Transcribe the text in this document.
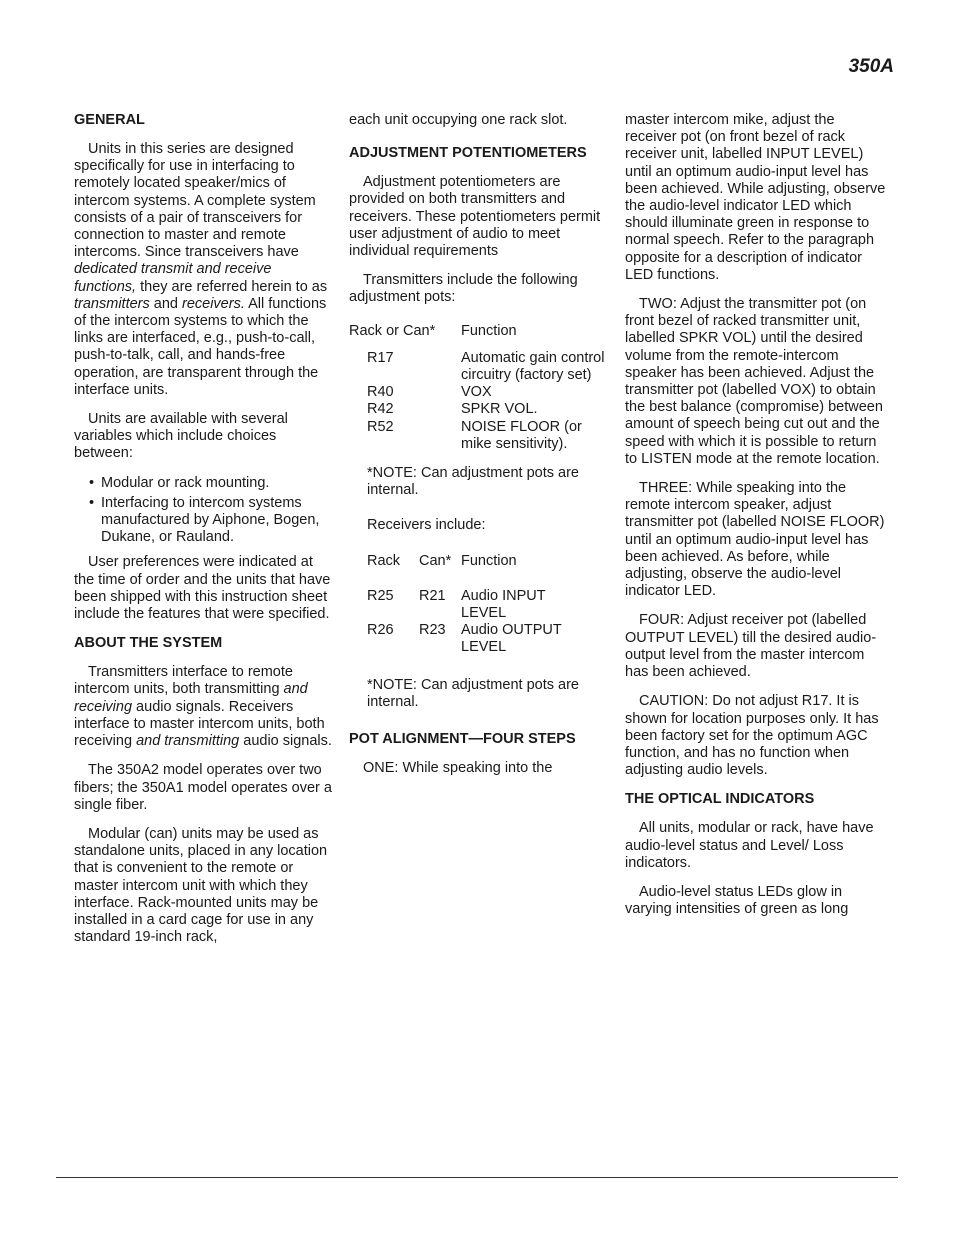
350A
GENERAL

Units in this series are designed specifically for use in interfacing to remotely located speaker/mics of intercom systems. A complete system consists of a pair of transceivers for connection to master and remote intercoms. Since transceivers have dedicated transmit and receive functions, they are referred herein to as transmitters and receivers. All functions of the intercom systems to which the links are interfaced, e.g., push-to-call, push-to-talk, call, and hands-free operation, are transparent through the interface units.

Units are available with several variables which include choices between:

• Modular or rack mounting.
• Interfacing to intercom systems manufactured by Aiphone, Bogen, Dukane, or Rauland.

User preferences were indicated at the time of order and the units that have been shipped with this instruction sheet include the features that were specified.

ABOUT THE SYSTEM

Transmitters interface to remote intercom units, both transmitting and receiving audio signals. Receivers interface to master intercom units, both receiving and transmitting audio signals.

The 350A2 model operates over two fibers; the 350A1 model operates over a single fiber.

Modular (can) units may be used as standalone units, placed in any location that is convenient to the remote or master intercom unit with which they interface. Rack-mounted units may be installed in a card cage for use in any standard 19-inch rack,

each unit occupying one rack slot.

ADJUSTMENT POTENTIOMETERS

Adjustment potentiometers are provided on both transmitters and receivers. These potentiometers permit user adjustment of audio to meet individual requirements

Transmitters include the following adjustment pots:

Rack or Can*	Function
R17	Automatic gain control circuitry (factory set)
R40	VOX
R42	SPKR VOL.
R52	NOISE FLOOR (or mike sensitivity).

*NOTE: Can adjustment pots are internal.

Receivers include:

Rack	Can*	Function
R25	R21	Audio INPUT LEVEL
R26	R23	Audio OUTPUT LEVEL

*NOTE: Can adjustment pots are internal.

POT ALIGNMENT—FOUR STEPS

ONE: While speaking into the

master intercom mike, adjust the receiver pot (on front bezel of rack receiver unit, labelled INPUT LEVEL) until an optimum audio-input level has been achieved. While adjusting, observe the audio-level indicator LED which should illuminate green in response to normal speech. Refer to the paragraph opposite for a description of indicator LED functions.

TWO: Adjust the transmitter pot (on front bezel of racked transmitter unit, labelled SPKR VOL) until the desired volume from the remote-intercom speaker has been achieved. Adjust the transmitter pot (labelled VOX) to obtain the best balance (compromise) between amount of speech being cut out and the speed with which it is possible to return to LISTEN mode at the remote location.

THREE: While speaking into the remote intercom speaker, adjust transmitter pot (labelled NOISE FLOOR) until an optimum audio-input level has been achieved. As before, while adjusting, observe the audio-level indicator LED.

FOUR: Adjust receiver pot (labelled OUTPUT LEVEL) till the desired audio-output level from the master intercom has been achieved.

CAUTION: Do not adjust R17. It is shown for location purposes only. It has been factory set for the optimum AGC function, and has no function when adjusting audio levels.

THE OPTICAL INDICATORS

All units, modular or rack, have have audio-level status and Level/ Loss indicators.

Audio-level status LEDs glow in varying intensities of green as long
